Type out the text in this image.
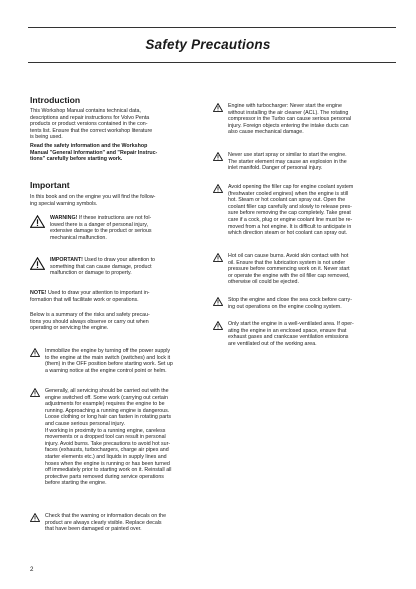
Safety Precautions
Introduction
This Workshop Manual contains technical data,
descriptions and repair instructions for Volvo Penta
products or product versions contained in the con-
tents list. Ensure that the correct workshop literature
is being used.
Read the safety information and the Workshop
Manual "General Information" and "Repair Instruc-
tions" carefully before starting work.
Important
In this book and on the engine you will find the follow-
ing special warning symbols.
WARNING! If these instructions are not fol-
lowed there is a danger of personal injury,
extensive damage to the product or serious
mechanical malfunction.
IMPORTANT! Used to draw your attention to
something that can cause damage, product
malfunction or damage to property.
NOTE! Used to draw your attention to important in-
formation that will facilitate work or operations.
Below is a summary of the risks and safety precau-
tions you should always observe or carry out when
operating or servicing the engine.
Immobilize the engine by turning off the power supply
to the engine at the main switch (switches) and lock it
(them) in the OFF position before starting work. Set up
a warning notice at the engine control point or helm.
Generally, all servicing should be carried out with the
engine switched off. Some work (carrying out certain
adjustments for example) requires the engine to be
running. Approaching a running engine is dangerous.
Loose clothing or long hair can fasten in rotating parts
and cause serious personal injury.
If working in proximity to a running engine, careless
movements or a dropped tool can result in personal
injury. Avoid burns. Take precautions to avoid hot sur-
faces (exhausts, turbochargers, charge air pipes and
starter elements etc.) and liquids in supply lines and
hoses when the engine is running or has been turned
off immediately prior to starting work on it. Reinstall all
protective parts removed during service operations
before starting the engine.
Check that the warning or information decals on the
product are always clearly visible. Replace decals
that have been damaged or painted over.
Engine with turbocharger: Never start the engine
without installing the air cleaner (ACL). The rotating
compressor in the Turbo can cause serious personal
injury. Foreign objects entering the intake ducts can
also cause mechanical damage.
Never use start spray or similar to start the engine.
The starter element may cause an explosion in the
inlet manifold. Danger of personal injury.
Avoid opening the filler cap for engine coolant system
(freshwater cooled engines) when the engine is still
hot. Steam or hot coolant can spray out. Open the
coolant filler cap carefully and slowly to release pres-
sure before removing the cap completely. Take great
care if a cock, plug or engine coolant line must be re-
moved from a hot engine. It is difficult to anticipate in
which direction steam or hot coolant can spray out.
Hot oil can cause burns. Avoid skin contact with hot
oil. Ensure that the lubrication system is not under
pressure before commencing work on it. Never start
or operate the engine with the oil filler cap removed,
otherwise oil could be ejected.
Stop the engine and close the sea cock before carry-
ing out operations on the engine cooling system.
Only start the engine in a well-ventilated area. If oper-
ating the engine in an enclosed space, ensure that
exhaust gases and crankcase ventilation emissions
are ventilated out of the working area.
2
